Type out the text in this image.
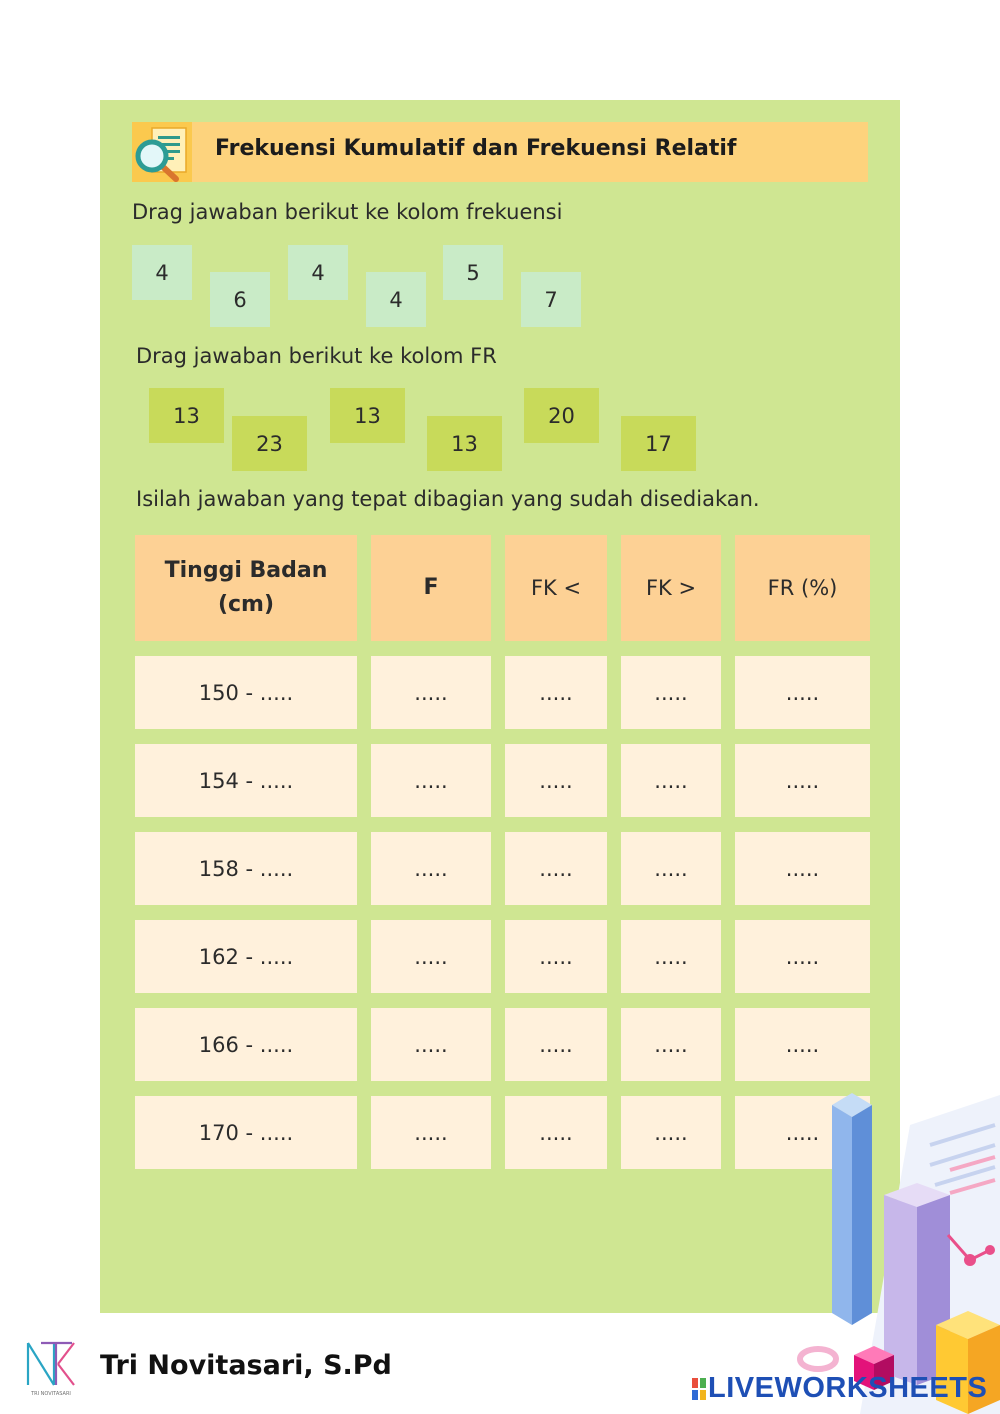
Frekuensi Kumulatif dan Frekuensi Relatif
Drag jawaban berikut ke kolom frekuensi
4
6
4
4
5
7
Drag jawaban berikut ke kolom FR
13
23
13
13
20
17
Isilah jawaban yang tepat dibagian yang sudah disediakan.
Tinggi Badan
(cm)
F	FK <	FK >	FR (%)
150 - .....	.....	.....	.....	.....
154 - .....	.....	.....	.....	.....
158 - .....	.....	.....	.....	.....
162 - .....	.....	.....	.....	.....
166 - .....	.....	.....	.....	.....
170 - .....	.....	.....	.....	.....
TRI NOVITASARI
Tri Novitasari, S.Pd
LIVEWORKSHEETS
